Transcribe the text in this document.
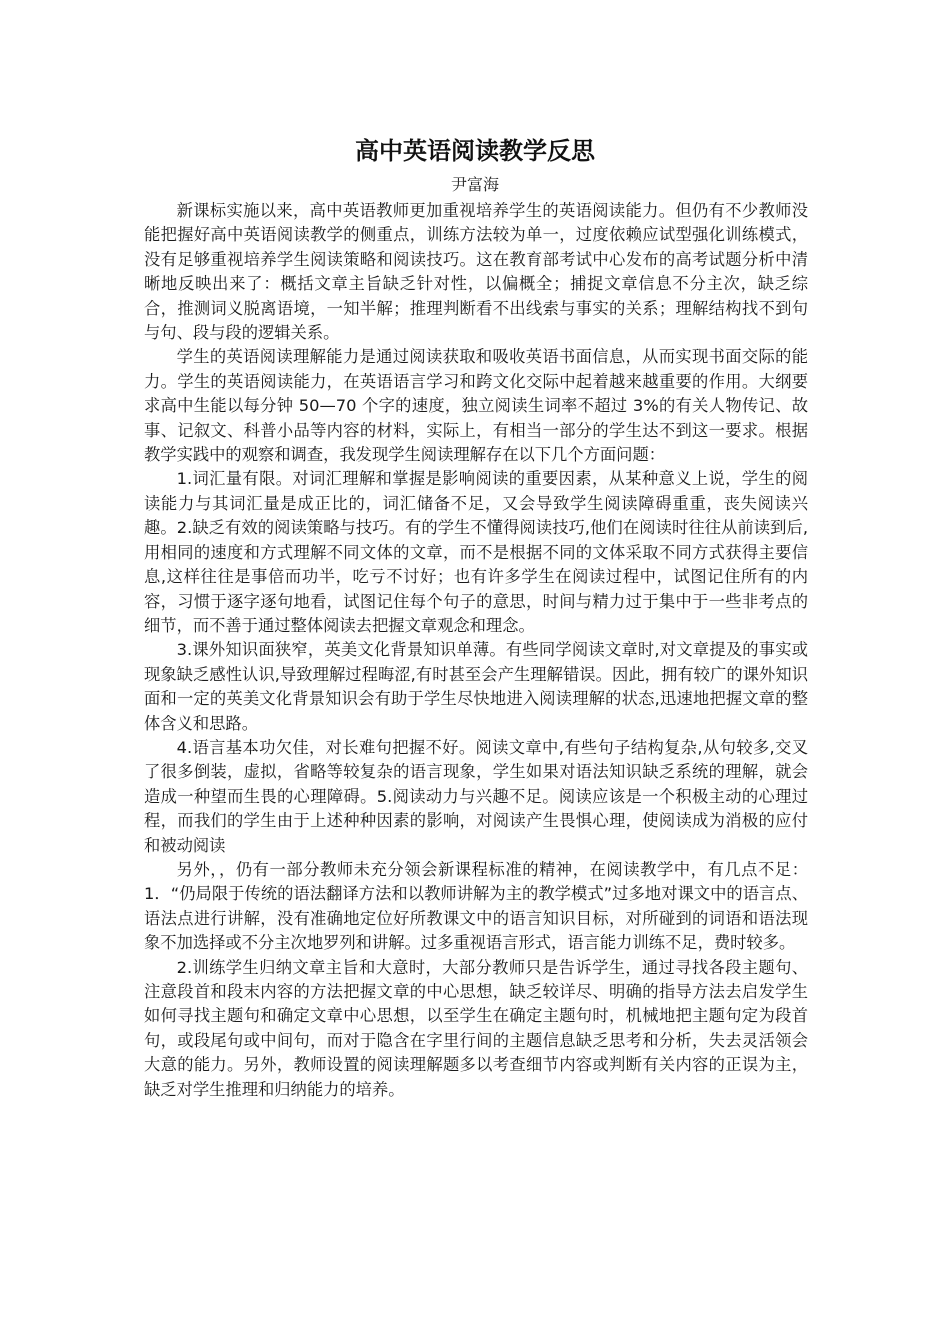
高中英语阅读教学反思
尹富海

新课标实施以来，高中英语教师更加重视培养学生的英语阅读能力。但仍有不少教师没能把握好高中英语阅读教学的侧重点，训练方法较为单一，过度依赖应试型强化训练模式，没有足够重视培养学生阅读策略和阅读技巧。这在教育部考试中心发布的高考试题分析中清晰地反映出来了：概括文章主旨缺乏针对性，以偏概全；捕捉文章信息不分主次，缺乏综合，推测词义脱离语境，一知半解；推理判断看不出线索与事实的关系；理解结构找不到句与句、段与段的逻辑关系。

学生的英语阅读理解能力是通过阅读获取和吸收英语书面信息，从而实现书面交际的能力。学生的英语阅读能力，在英语语言学习和跨文化交际中起着越来越重要的作用。大纲要求高中生能以每分钟 50—70 个字的速度，独立阅读生词率不超过 3%的有关人物传记、故事、记叙文、科普小品等内容的材料，实际上，有相当一部分的学生达不到这一要求。根据教学实践中的观察和调查，我发现学生阅读理解存在以下几个方面问题：

1.词汇量有限。对词汇理解和掌握是影响阅读的重要因素，从某种意义上说，学生的阅读能力与其词汇量是成正比的，词汇储备不足，又会导致学生阅读障碍重重，丧失阅读兴趣。2.缺乏有效的阅读策略与技巧。有的学生不懂得阅读技巧,他们在阅读时往往从前读到后,用相同的速度和方式理解不同文体的文章，而不是根据不同的文体采取不同方式获得主要信息,这样往往是事倍而功半，吃亏不讨好；也有许多学生在阅读过程中，试图记住所有的内容，习惯于逐字逐句地看，试图记住每个句子的意思，时间与精力过于集中于一些非考点的细节，而不善于通过整体阅读去把握文章观念和理念。

3.课外知识面狭窄，英美文化背景知识单薄。有些同学阅读文章时,对文章提及的事实或现象缺乏感性认识,导致理解过程晦涩,有时甚至会产生理解错误。因此，拥有较广的课外知识面和一定的英美文化背景知识会有助于学生尽快地进入阅读理解的状态,迅速地把握文章的整体含义和思路。

4.语言基本功欠佳，对长难句把握不好。阅读文章中,有些句子结构复杂,从句较多,交叉了很多倒装，虚拟，省略等较复杂的语言现象，学生如果对语法知识缺乏系统的理解，就会造成一种望而生畏的心理障碍。5.阅读动力与兴趣不足。阅读应该是一个积极主动的心理过程，而我们的学生由于上述种种因素的影响，对阅读产生畏惧心理，使阅读成为消极的应付和被动阅读

另外，，仍有一部分教师未充分领会新课程标准的精神，在阅读教学中，有几点不足：1．“仍局限于传统的语法翻译方法和以教师讲解为主的教学模式”过多地对课文中的语言点、语法点进行讲解，没有准确地定位好所教课文中的语言知识目标，对所碰到的词语和语法现象不加选择或不分主次地罗列和讲解。过多重视语言形式，语言能力训练不足，费时较多。

2.训练学生归纳文章主旨和大意时，大部分教师只是告诉学生，通过寻找各段主题句、注意段首和段末内容的方法把握文章的中心思想，缺乏较详尽、明确的指导方法去启发学生如何寻找主题句和确定文章中心思想，以至学生在确定主题句时，机械地把主题句定为段首句，或段尾句或中间句，而对于隐含在字里行间的主题信息缺乏思考和分析，失去灵活领会大意的能力。另外，教师设置的阅读理解题多以考查细节内容或判断有关内容的正误为主，缺乏对学生推理和归纳能力的培养。
